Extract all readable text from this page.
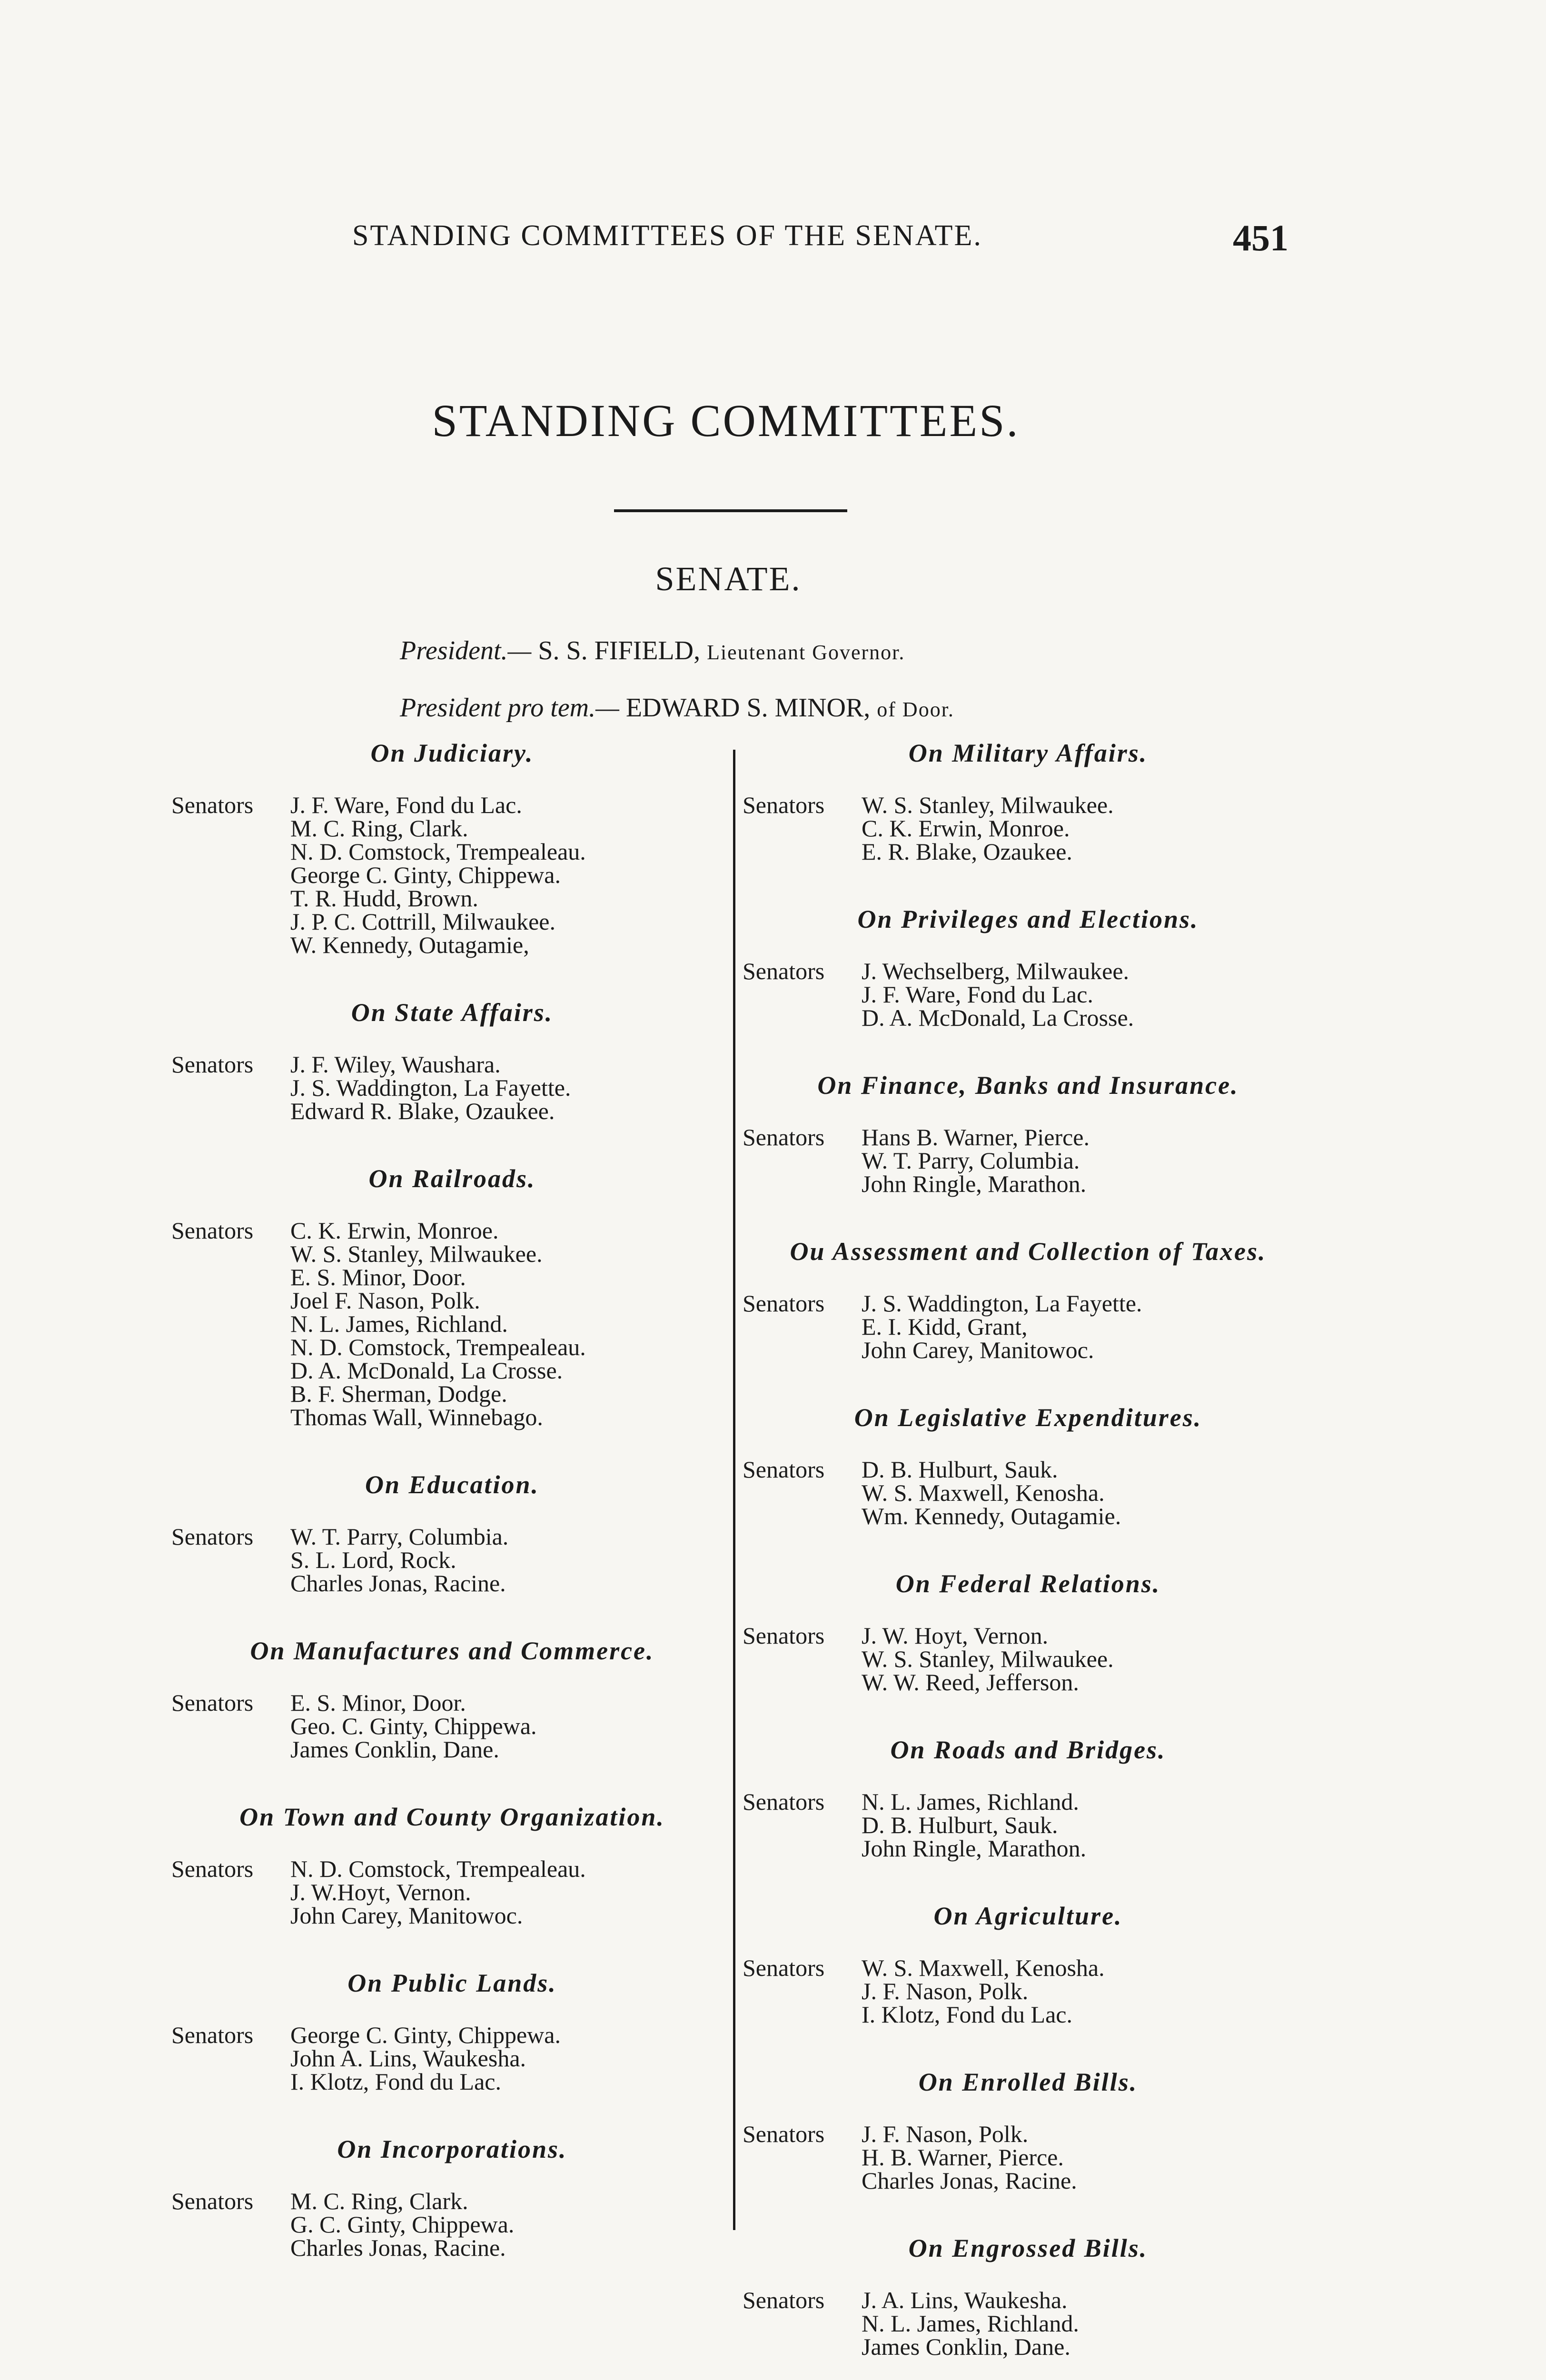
STANDING COMMITTEES OF THE SENATE.	451
STANDING COMMITTEES.
SENATE.
President.— S. S. FIFIELD, Lieutenant Governor.
President pro tem.— EDWARD S. MINOR, of Door.
On Judiciary.
Senators	J. F. Ware, Fond du Lac.
M. C. Ring, Clark.
N. D. Comstock, Trempealeau.
George C. Ginty, Chippewa.
T. R. Hudd, Brown.
J. P. C. Cottrill, Milwaukee.
W. Kennedy, Outagamie,
On State Affairs.
Senators	J. F. Wiley, Waushara.
J. S. Waddington, La Fayette.
Edward R. Blake, Ozaukee.
On Railroads.
Senators	C. K. Erwin, Monroe.
W. S. Stanley, Milwaukee.
E. S. Minor, Door.
Joel F. Nason, Polk.
N. L. James, Richland.
N. D. Comstock, Trempealeau.
D. A. McDonald, La Crosse.
B. F. Sherman, Dodge.
Thomas Wall, Winnebago.
On Education.
Senators	W. T. Parry, Columbia.
S. L. Lord, Rock.
Charles Jonas, Racine.
On Manufactures and Commerce.
Senators	E. S. Minor, Door.
Geo. C. Ginty, Chippewa.
James Conklin, Dane.
On Town and County Organization.
Senators	N. D. Comstock, Trempealeau.
J. W.Hoyt, Vernon.
John Carey, Manitowoc.
On Public Lands.
Senators	George C. Ginty, Chippewa.
John A. Lins, Waukesha.
I. Klotz, Fond du Lac.
On Incorporations.
Senators	M. C. Ring, Clark.
G. C. Ginty, Chippewa.
Charles Jonas, Racine.
On Military Affairs.
Senators	W. S. Stanley, Milwaukee.
C. K. Erwin, Monroe.
E. R. Blake, Ozaukee.
On Privileges and Elections.
Senators	J. Wechselberg, Milwaukee.
J. F. Ware, Fond du Lac.
D. A. McDonald, La Crosse.
On Finance, Banks and Insurance.
Senators	Hans B. Warner, Pierce.
W. T. Parry, Columbia.
John Ringle, Marathon.
Ou Assessment and Collection of Taxes.
Senators	J. S. Waddington, La Fayette.
E. I. Kidd, Grant,
John Carey, Manitowoc.
On Legislative Expenditures.
Senators	D. B. Hulburt, Sauk.
W. S. Maxwell, Kenosha.
Wm. Kennedy, Outagamie.
On Federal Relations.
Senators	J. W. Hoyt, Vernon.
W. S. Stanley, Milwaukee.
W. W. Reed, Jefferson.
On Roads and Bridges.
Senators	N. L. James, Richland.
D. B. Hulburt, Sauk.
John Ringle, Marathon.
On Agriculture.
Senators	W. S. Maxwell, Kenosha.
J. F. Nason, Polk.
I. Klotz, Fond du Lac.
On Enrolled Bills.
Senators	J. F. Nason, Polk.
H. B. Warner, Pierce.
Charles Jonas, Racine.
On Engrossed Bills.
Senators	J. A. Lins, Waukesha.
N. L. James, Richland.
James Conklin, Dane.
